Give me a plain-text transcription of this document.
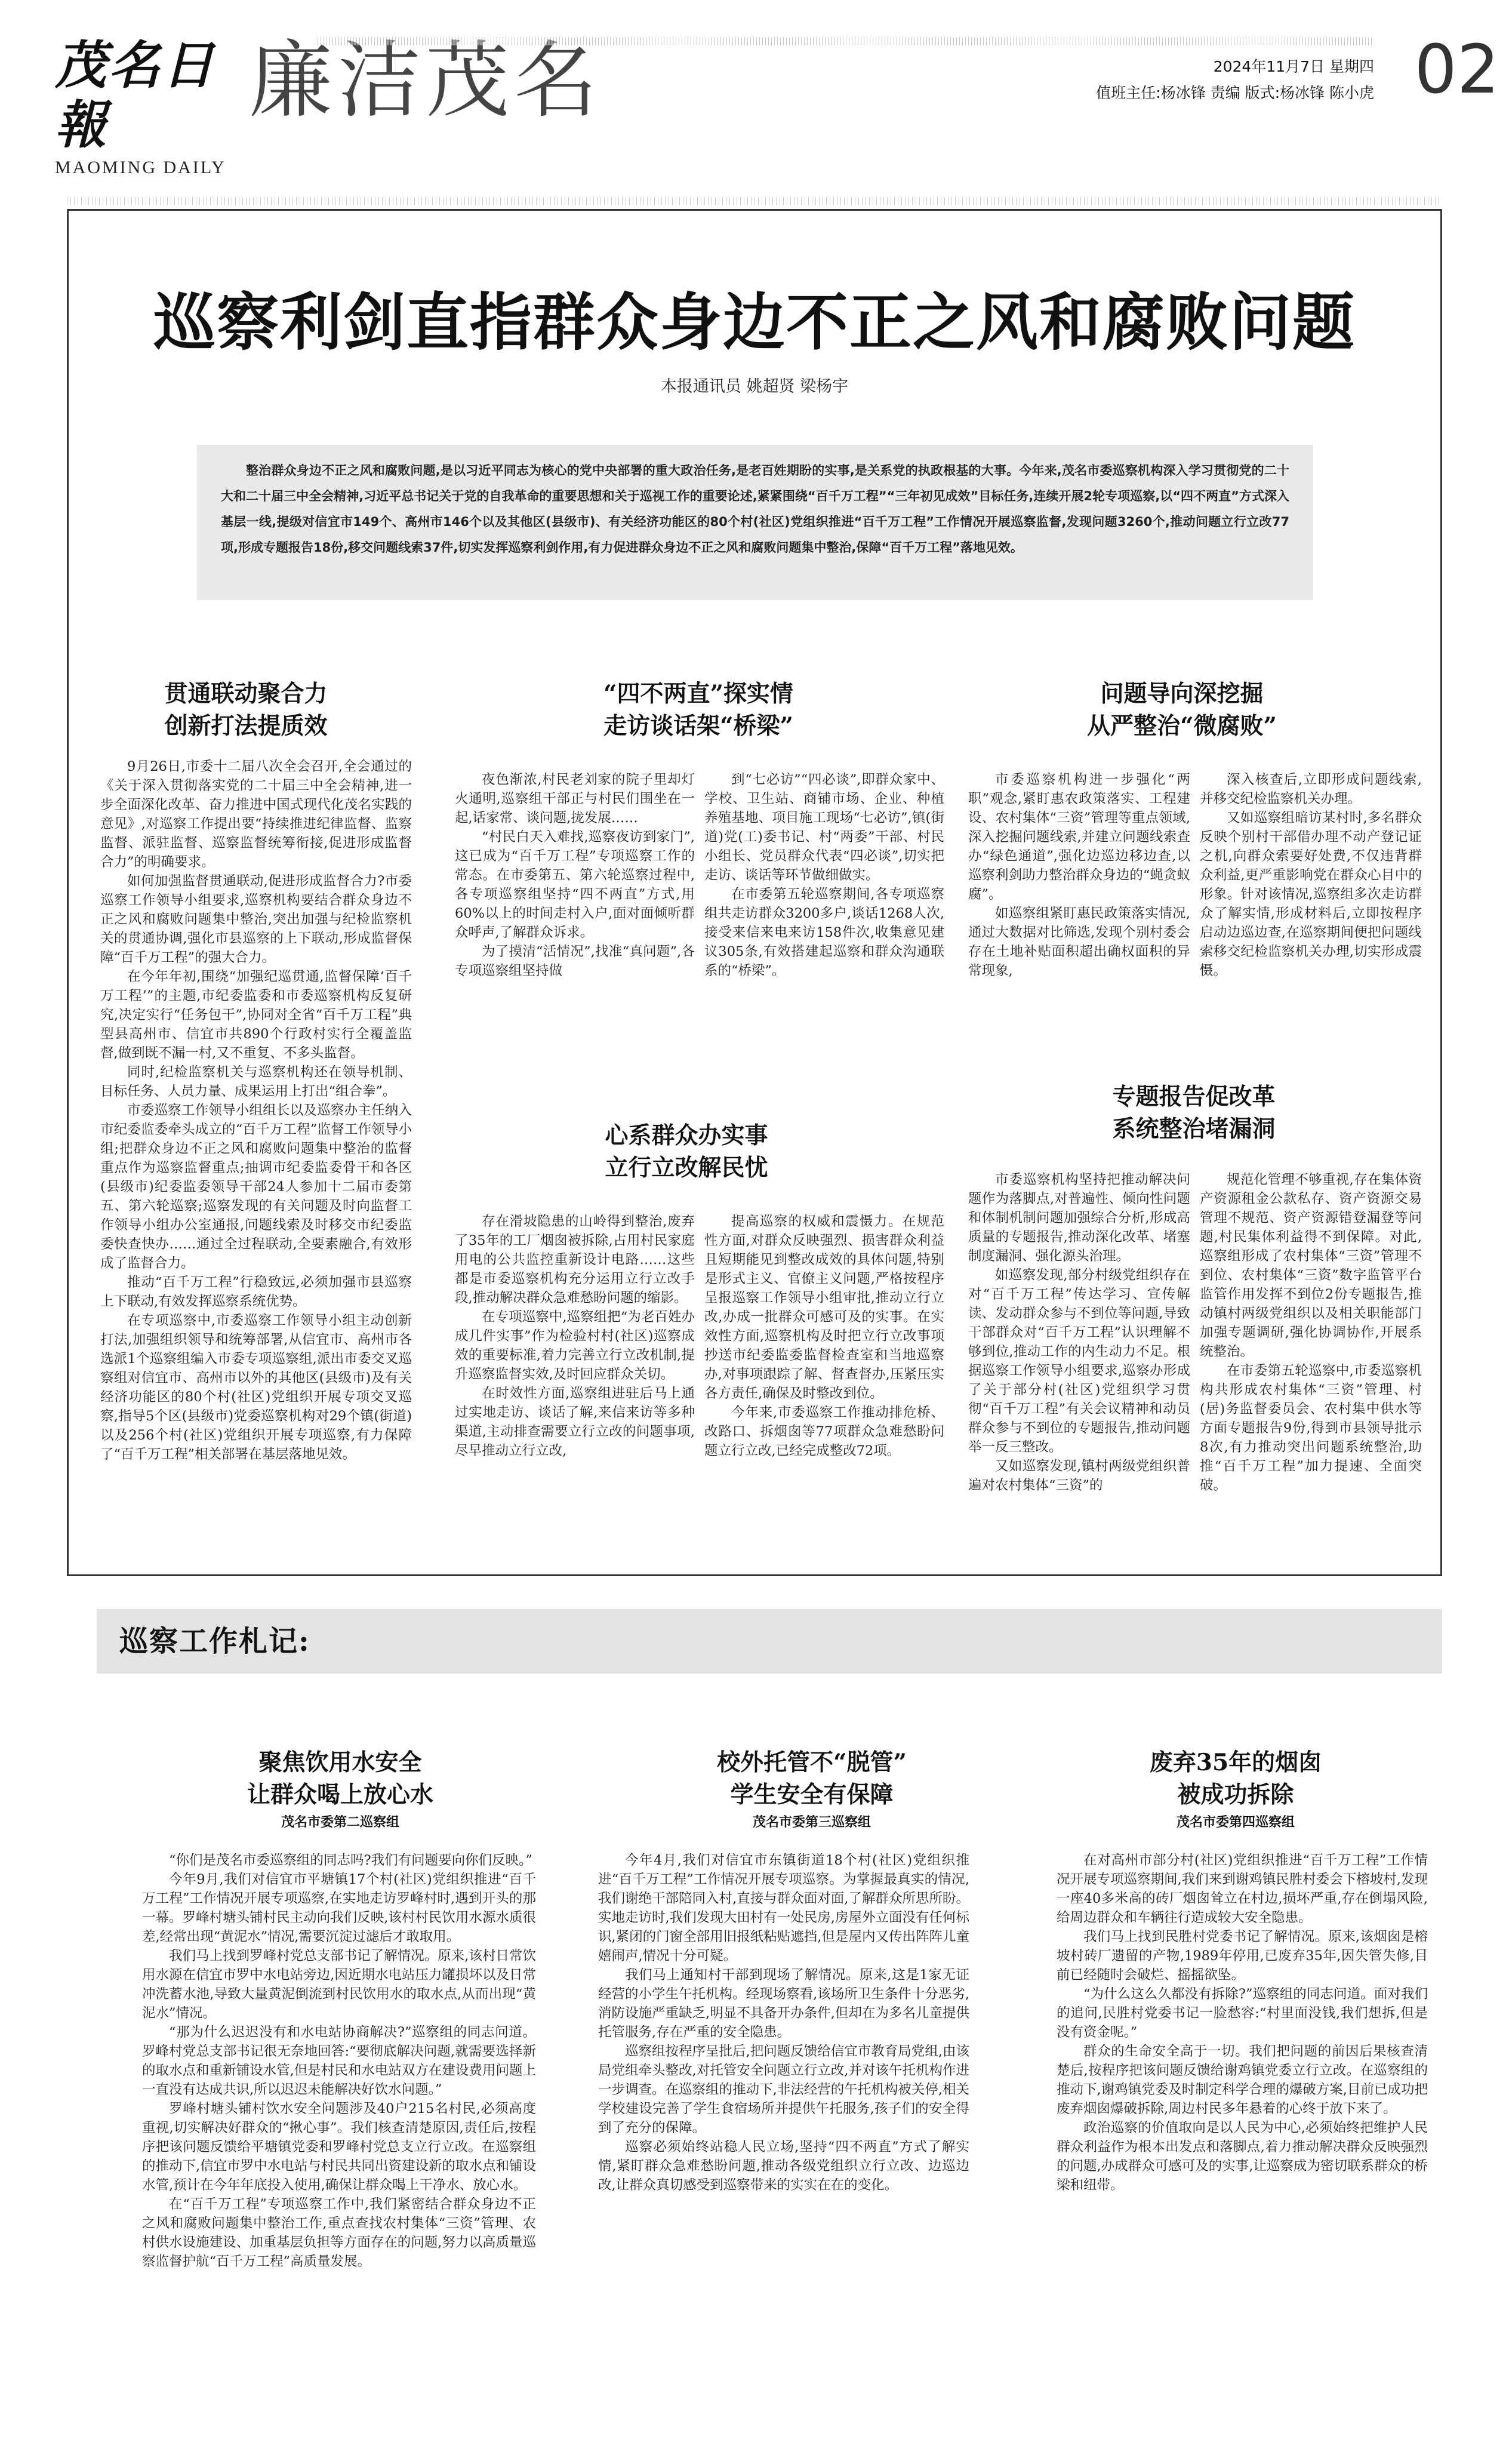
茂名日報
MAOMING DAILY
廉洁茂名	2024年11月7日 星期四
值班主任:杨冰锋 责编 版式:杨冰锋 陈小虎 02
巡察利剑直指群众身边不正之风和腐败问题
本报通讯员 姚超贤 梁杨宇
整治群众身边不正之风和腐败问题,是以习近平同志为核心的党中央部署的重大政治任务,是老百姓期盼的实事,是关系党的执政根基的大事。今年来,茂名市委巡察机构深入学习贯彻党的二十大和二十届三中全会精神,习近平总书记关于党的自我革命的重要思想和关于巡视工作的重要论述,紧紧围绕“百千万工程”“三年初见成效”目标任务,连续开展2轮专项巡察,以“四不两直”方式深入基层一线,提级对信宜市149个、高州市146个以及其他区(县级市)、有关经济功能区的80个村(社区)党组织推进“百千万工程”工作情况开展巡察监督,发现问题3260个,推动问题立行立改77项,形成专题报告18份,移交问题线索37件,切实发挥巡察利剑作用,有力促进群众身边不正之风和腐败问题集中整治,保障“百千万工程”落地见效。
贯通联动聚合力
创新打法提质效

9月26日,市委十二届八次全会召开,全会通过的《关于深入贯彻落实党的二十届三中全会精神,进一步全面深化改革、奋力推进中国式现代化茂名实践的意见》,对巡察工作提出要“持续推进纪律监督、监察监督、派驻监督、巡察监督统筹衔接,促进形成监督合力”的明确要求。

如何加强监督贯通联动,促进形成监督合力?市委巡察工作领导小组要求,巡察机构要结合群众身边不正之风和腐败问题集中整治,突出加强与纪检监察机关的贯通协调,强化市县巡察的上下联动,形成监督保障“百千万工程”的强大合力。

在今年年初,围绕“加强纪巡贯通,监督保障‘百千万工程’”的主题,市纪委监委和市委巡察机构反复研究,决定实行“任务包干”,协同对全省“百千万工程”典型县高州市、信宜市共890个行政村实行全覆盖监督,做到既不漏一村,又不重复、不多头监督。

同时,纪检监察机关与巡察机构还在领导机制、目标任务、人员力量、成果运用上打出“组合拳”。

市委巡察工作领导小组组长以及巡察办主任纳入市纪委监委牵头成立的“百千万工程”监督工作领导小组;把群众身边不正之风和腐败问题集中整治的监督重点作为巡察监督重点;抽调市纪委监委骨干和各区(县级市)纪委监委领导干部24人参加十二届市委第五、第六轮巡察;巡察发现的有关问题及时向监督工作领导小组办公室通报,问题线索及时移交市纪委监委快查快办……通过全过程联动,全要素融合,有效形成了监督合力。

推动“百千万工程”行稳致远,必须加强市县巡察上下联动,有效发挥巡察系统优势。

在专项巡察中,市委巡察工作领导小组主动创新打法,加强组织领导和统筹部署,从信宜市、高州市各选派1个巡察组编入市委专项巡察组,派出市委交叉巡察组对信宜市、高州市以外的其他区(县级市)及有关经济功能区的80个村(社区)党组织开展专项交叉巡察,指导5个区(县级市)党委巡察机构对29个镇(街道)以及256个村(社区)党组织开展专项巡察,有力保障了“百千万工程”相关部署在基层落地见效。

“四不两直”探实情
走访谈话架“桥梁”

夜色渐浓,村民老刘家的院子里却灯火通明,巡察组干部正与村民们围坐在一起,话家常、谈问题,拢发展……

“村民白天入难找,巡察夜访到家门”,这已成为“百千万工程”专项巡察工作的常态。在市委第五、第六轮巡察过程中,各专项巡察组坚持“四不两直”方式,用60%以上的时间走村入户,面对面倾听群众呼声,了解群众诉求。

为了摸清“活情况”,找准“真问题”,各专项巡察组坚持做

到“七必访”“四必谈”,即群众家中、学校、卫生站、商铺市场、企业、种植养殖基地、项目施工现场“七必访”,镇(街道)党(工)委书记、村“两委”干部、村民小组长、党员群众代表“四必谈”,切实把走访、谈话等环节做细做实。

在市委第五轮巡察期间,各专项巡察组共走访群众3200多户,谈话1268人次,接受来信来电来访158件次,收集意见建议305条,有效搭建起巡察和群众沟通联系的“桥梁”。

问题导向深挖掘
从严整治“微腐败”

市委巡察机构进一步强化“两职”观念,紧盯惠农政策落实、工程建设、农村集体“三资”管理等重点领域,深入挖掘问题线索,并建立问题线索查办“绿色通道”,强化边巡边移边查,以巡察利剑助力整治群众身边的“蝇贪蚁腐”。

如巡察组紧盯惠民政策落实情况,通过大数据对比筛选,发现个别村委会存在土地补贴面积超出确权面积的异常现象,

深入核查后,立即形成问题线索,并移交纪检监察机关办理。

又如巡察组暗访某村时,多名群众反映个别村干部借办理不动产登记证之机,向群众索要好处费,不仅违背群众利益,更严重影响党在群众心目中的形象。针对该情况,巡察组多次走访群众了解实情,形成材料后,立即按程序启动边巡边查,在巡察期间便把问题线索移交纪检监察机关办理,切实形成震慑。

心系群众办实事
立行立改解民忧

存在滑坡隐患的山岭得到整治,废弃了35年的工厂烟囱被拆除,占用村民家庭用电的公共监控重新设计电路……这些都是市委巡察机构充分运用立行立改手段,推动解决群众急难愁盼问题的缩影。

在专项巡察中,巡察组把“为老百姓办成几件实事”作为检验村村(社区)巡察成效的重要标准,着力完善立行立改机制,提升巡察监督实效,及时回应群众关切。

在时效性方面,巡察组进驻后马上通过实地走访、谈话了解,来信来访等多种渠道,主动排查需要立行立改的问题事项,尽早推动立行立改,

提高巡察的权威和震慑力。在规范性方面,对群众反映强烈、损害群众利益且短期能见到整改成效的具体问题,特别是形式主义、官僚主义问题,严格按程序呈报巡察工作领导小组审批,推动立行立改,办成一批群众可感可及的实事。在实效性方面,巡察机构及时把立行立改事项抄送市纪委监委监督检查室和当地巡察办,对事项跟踪了解、督查督办,压紧压实各方责任,确保及时整改到位。

今年来,市委巡察工作推动排危桥、改路口、拆烟囱等77项群众急难愁盼问题立行立改,已经完成整改72项。

专题报告促改革
系统整治堵漏洞

市委巡察机构坚持把推动解决问题作为落脚点,对普遍性、倾向性问题和体制机制问题加强综合分析,形成高质量的专题报告,推动深化改革、堵塞制度漏洞、强化源头治理。

如巡察发现,部分村级党组织存在对“百千万工程”传达学习、宣传解读、发动群众参与不到位等问题,导致干部群众对“百千万工程”认识理解不够到位,推动工作的内生动力不足。根据巡察工作领导小组要求,巡察办形成了关于部分村(社区)党组织学习贯彻“百千万工程”有关会议精神和动员群众参与不到位的专题报告,推动问题举一反三整改。

又如巡察发现,镇村两级党组织普遍对农村集体“三资”的

规范化管理不够重视,存在集体资产资源租金公款私存、资产资源交易管理不规范、资产资源错登漏登等问题,村民集体利益得不到保障。对此,巡察组形成了农村集体“三资”管理不到位、农村集体“三资”数字监管平台监管作用发挥不到位2份专题报告,推动镇村两级党组织以及相关职能部门加强专题调研,强化协调协作,开展系统整治。

在市委第五轮巡察中,市委巡察机构共形成农村集体“三资”管理、村(居)务监督委员会、农村集中供水等方面专题报告9份,得到市县领导批示8次,有力推动突出问题系统整治,助推“百千万工程”加力提速、全面突破。

巡察工作札记:
聚焦饮用水安全
让群众喝上放心水
茂名市委第二巡察组

“你们是茂名市委巡察组的同志吗?我们有问题要向你们反映。”

今年9月,我们对信宜市平塘镇17个村(社区)党组织推进“百千万工程”工作情况开展专项巡察,在实地走访罗峰村时,遇到开头的那一幕。罗峰村塘头铺村民主动向我们反映,该村村民饮用水源水质很差,经常出现“黄泥水”情况,需要沉淀过滤后才敢取用。

我们马上找到罗峰村党总支部书记了解情况。原来,该村日常饮用水源在信宜市罗中水电站旁边,因近期水电站压力罐损坏以及日常冲洗蓄水池,导致大量黄泥倒流到村民饮用水的取水点,从而出现“黄泥水”情况。

“那为什么迟迟没有和水电站协商解决?”巡察组的同志问道。罗峰村党总支部书记很无奈地回答:“要彻底解决问题,就需要选择新的取水点和重新铺设水管,但是村民和水电站双方在建设费用问题上一直没有达成共识,所以迟迟未能解决好饮水问题。”

罗峰村塘头铺村饮水安全问题涉及40户215名村民,必须高度重视,切实解决好群众的“揪心事”。我们核查清楚原因,责任后,按程序把该问题反馈给平塘镇党委和罗峰村党总支立行立改。在巡察组的推动下,信宜市罗中水电站与村民共同出资建设新的取水点和铺设水管,预计在今年年底投入使用,确保让群众喝上干净水、放心水。

在“百千万工程”专项巡察工作中,我们紧密结合群众身边不正之风和腐败问题集中整治工作,重点查找农村集体“三资”管理、农村供水设施建设、加重基层负担等方面存在的问题,努力以高质量巡察监督护航“百千万工程”高质量发展。

校外托管不“脱管”
学生安全有保障
茂名市委第三巡察组

今年4月,我们对信宜市东镇街道18个村(社区)党组织推进“百千万工程”工作情况开展专项巡察。为掌握最真实的情况,我们谢绝干部陪同入村,直接与群众面对面,了解群众所思所盼。实地走访时,我们发现大田村有一处民房,房屋外立面没有任何标识,紧闭的门窗全部用旧报纸粘贴遮挡,但是屋内又传出阵阵儿童嬉闹声,情况十分可疑。

我们马上通知村干部到现场了解情况。原来,这是1家无证经营的小学生午托机构。经现场察看,该场所卫生条件十分恶劣,消防设施严重缺乏,明显不具备开办条件,但却在为多名儿童提供托管服务,存在严重的安全隐患。

巡察组按程序呈批后,把问题反馈给信宜市教育局党组,由该局党组牵头整改,对托管安全问题立行立改,并对该午托机构作进一步调查。在巡察组的推动下,非法经营的午托机构被关停,相关学校建设完善了学生食宿场所并提供午托服务,孩子们的安全得到了充分的保障。

巡察必须始终站稳人民立场,坚持“四不两直”方式了解实情,紧盯群众急难愁盼问题,推动各级党组织立行立改、边巡边改,让群众真切感受到巡察带来的实实在在的变化。

废弃35年的烟囱
被成功拆除
茂名市委第四巡察组

在对高州市部分村(社区)党组织推进“百千万工程”工作情况开展专项巡察期间,我们来到谢鸡镇民胜村委会下榕坡村,发现一座40多米高的砖厂烟囱耸立在村边,损坏严重,存在倒塌风险,给周边群众和车辆往行造成较大安全隐患。

我们马上找到民胜村党委书记了解情况。原来,该烟囱是榕坡村砖厂遗留的产物,1989年停用,已废弃35年,因失管失修,目前已经随时会破烂、摇摇欲坠。

“为什么这么久都没有拆除?”巡察组的同志问道。面对我们的追问,民胜村党委书记一脸愁容:“村里面没钱,我们想拆,但是没有资金呢。”

群众的生命安全高于一切。我们把问题的前因后果核查清楚后,按程序把该问题反馈给谢鸡镇党委立行立改。在巡察组的推动下,谢鸡镇党委及时制定科学合理的爆破方案,目前已成功把废弃烟囱爆破拆除,周边村民多年悬着的心终于放下来了。

政治巡察的价值取向是以人民为中心,必须始终把维护人民群众利益作为根本出发点和落脚点,着力推动解决群众反映强烈的问题,办成群众可感可及的实事,让巡察成为密切联系群众的桥梁和纽带。
